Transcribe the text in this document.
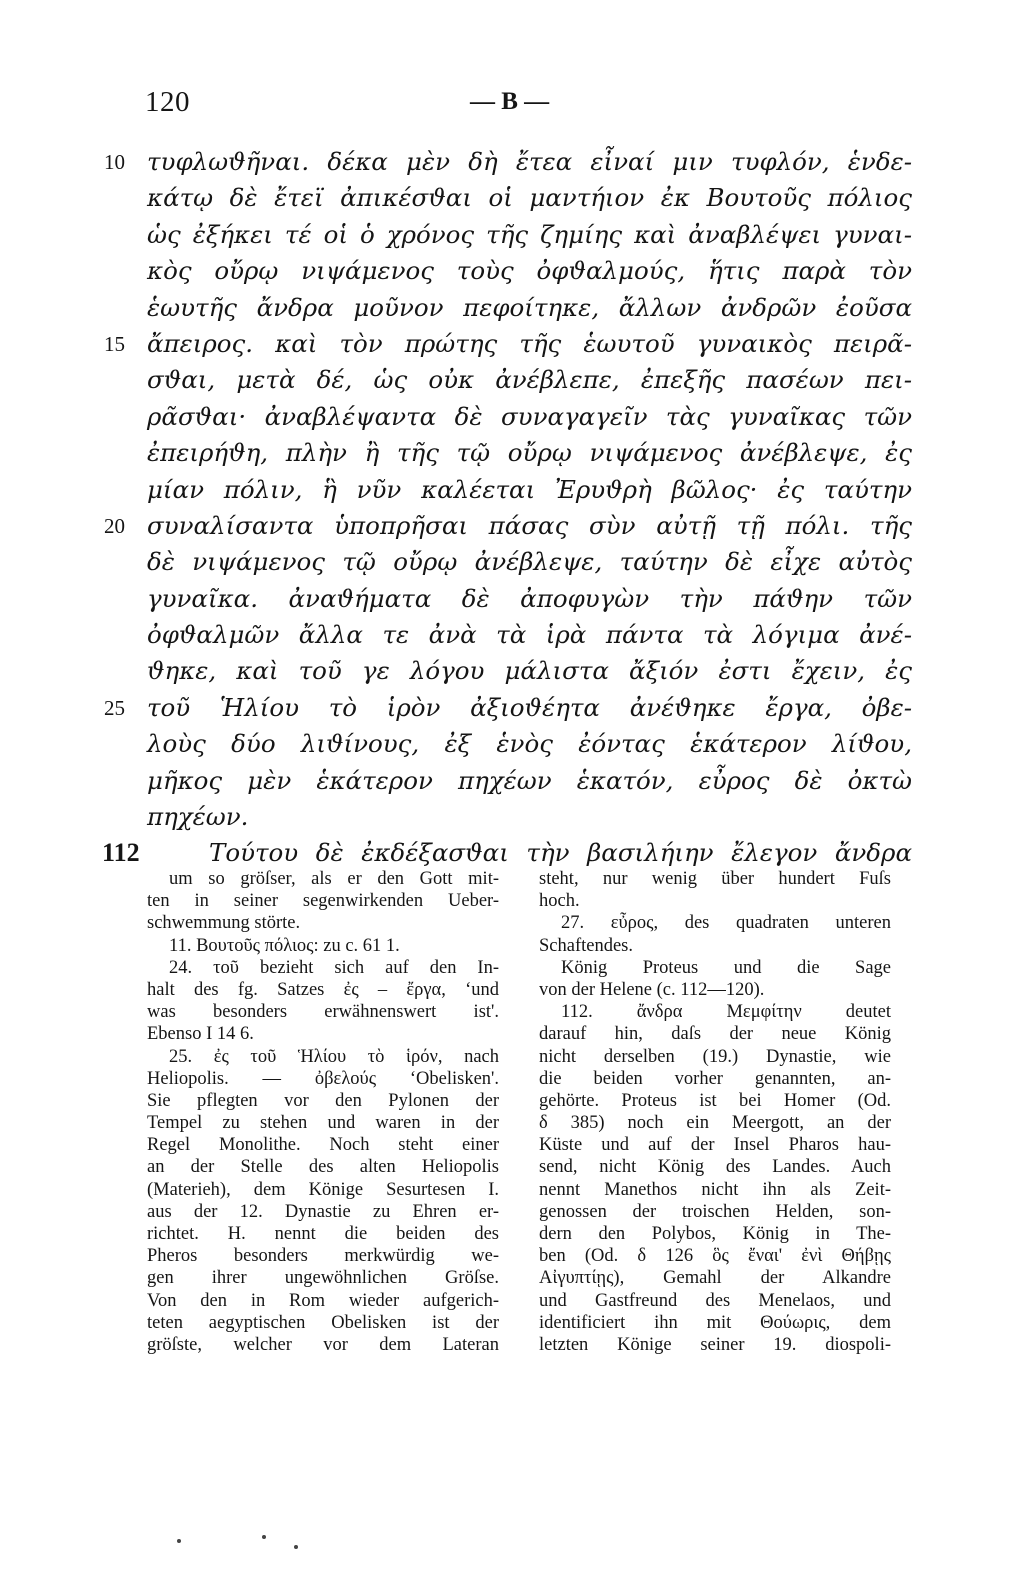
120	— B —
10 τυφλωϑῆναι. δέκα μὲν δὴ ἔτεα εἶναί μιν τυφλόν, ἑνδε-
κάτῳ δὲ ἔτεϊ ἀπικέσϑαι οἱ μαντήιον ἐκ Βουτοῦς πόλιος
ὡς ἐξήκει τέ οἱ ὁ χρόνος τῆς ζημίης καὶ ἀναβλέψει γυναι-
κὸς οὔρῳ νιψάμενος τοὺς ὀφϑαλμούς, ἥτις παρὰ τὸν
ἑωυτῆς ἄνδρα μοῦνον πεφοίτηκε, ἄλλων ἀνδρῶν ἐοῦσα
15 ἄπειρος. καὶ τὸν πρώτης τῆς ἑωυτοῦ γυναικὸς πειρᾶ-
σϑαι, μετὰ δέ, ὡς οὐκ ἀνέβλεπε, ἐπεξῆς πασέων πει-
ρᾶσϑαι· ἀναβλέψαντα δὲ συναγαγεῖν τὰς γυναῖκας τῶν
ἐπειρήϑη, πλὴν ἢ τῆς τῷ οὔρῳ νιψάμενος ἀνέβλεψε, ἐς
μίαν πόλιν, ἣ νῦν καλέεται Ἐρυϑρὴ βῶλος· ἐς ταύτην
20 συναλίσαντα ὑποπρῆσαι πάσας σὺν αὐτῇ τῇ πόλι. τῆς
δὲ νιψάμενος τῷ οὔρῳ ἀνέβλεψε, ταύτην δὲ εἶχε αὐτὸς
γυναῖκα. ἀναϑήματα δὲ ἀποφυγὼν τὴν πάϑην τῶν
ὀφϑαλμῶν ἄλλα τε ἀνὰ τὰ ἱρὰ πάντα τὰ λόγιμα ἀνέ-
ϑηκε, καὶ τοῦ γε λόγου μάλιστα ἄξιόν ἐστι ἔχειν, ἐς
25 τοῦ Ἡλίου τὸ ἱρὸν ἀξιοϑέητα ἀνέϑηκε ἔργα, ὀβε-
λοὺς δύο λιϑίνους, ἐξ ἑνὸς ἐόντας ἑκάτερον λίϑου,
μῆκος μὲν ἑκάτερον πηχέων ἑκατόν, εὖρος δὲ ὀκτὼ
πηχέων.
112	Τούτου δὲ ἐκδέξασϑαι τὴν βασιλήιην ἔλεγον ἄνδρα
um so gröſser, als er den Gott mit-
ten in seiner segenwirkenden Ueber-
schwemmung störte.
11. Βουτοῦς πόλιος: zu c. 61 1.
24. τοῦ bezieht sich auf den In-
halt des fg. Satzes ἐς – ἔργα, ʻund
was besonders erwähnenswert ist'.
Ebenso I 14 6.
25. ἐς τοῦ Ἡλίου τὸ ἱρόν, nach
Heliopolis. — ὀβελούς ʻObelisken'.
Sie pflegten vor den Pylonen der
Tempel zu stehen und waren in der
Regel Monolithe. Noch steht einer
an der Stelle des alten Heliopolis
(Materieh), dem Könige Sesurtesen I.
aus der 12. Dynastie zu Ehren er-
richtet. H. nennt die beiden des
Pheros besonders merkwürdig we-
gen ihrer ungewöhnlichen Gröſse.
Von den in Rom wieder aufgerich-
teten aegyptischen Obelisken ist der
gröſste, welcher vor dem Lateran
steht, nur wenig über hundert Fuſs
hoch.
27. εὖρος, des quadraten unteren
Schaftendes.
König Proteus und die Sage
von der Helene (c. 112—120).
112. ἄνδρα Μεμφίτην deutet
darauf hin, daſs der neue König
nicht derselben (19.) Dynastie, wie
die beiden vorher genannten, an-
gehörte. Proteus ist bei Homer (Od.
δ 385) noch ein Meergott, an der
Küste und auf der Insel Pharos hau-
send, nicht König des Landes. Auch
nennt Manethos nicht ihn als Zeit-
genossen der troischen Helden, son-
dern den Polybos, König in The-
ben (Od. δ 126 ὃς ἔναι' ἐνὶ Θήβῃς
Αἰγυπτίῃς), Gemahl der Alkandre
und Gastfreund des Menelaos, und
identificiert ihn mit Θούωρις, dem
letzten Könige seiner 19. diospoli-
